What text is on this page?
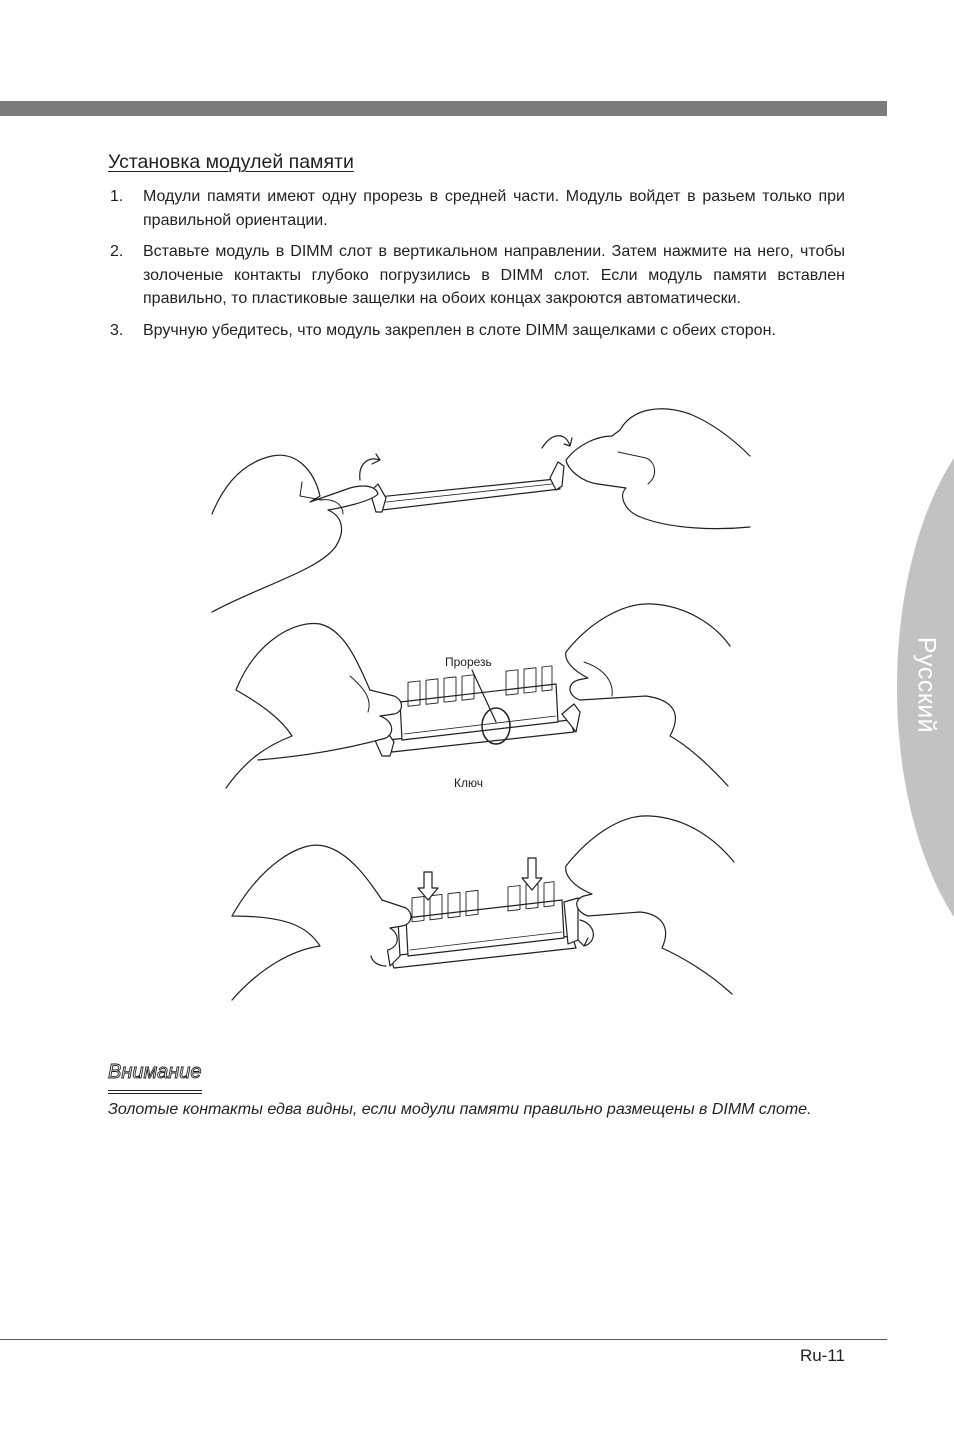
Русский
Установка модулей памяти
1. Модули памяти имеют одну прорезь в средней части. Модуль войдет в разьем только при правильной ориентации.
2. Вставьте модуль в DIMM слот в вертикальном направлении. Затем нажмите на него, чтобы золоченые контакты глубоко погрузились в DIMM слот. Если модуль памяти вставлен правильно, то пластиковые защелки на обоих концах закроются автоматически.
3. Вручную убедитесь, что модуль закреплен в слоте DIMM защелками с обеих сторон.
Прорезь
Ключ
Внимание

Золотые контакты едва видны, если модули памяти правильно размещены в DIMM слоте.

Ru-11
